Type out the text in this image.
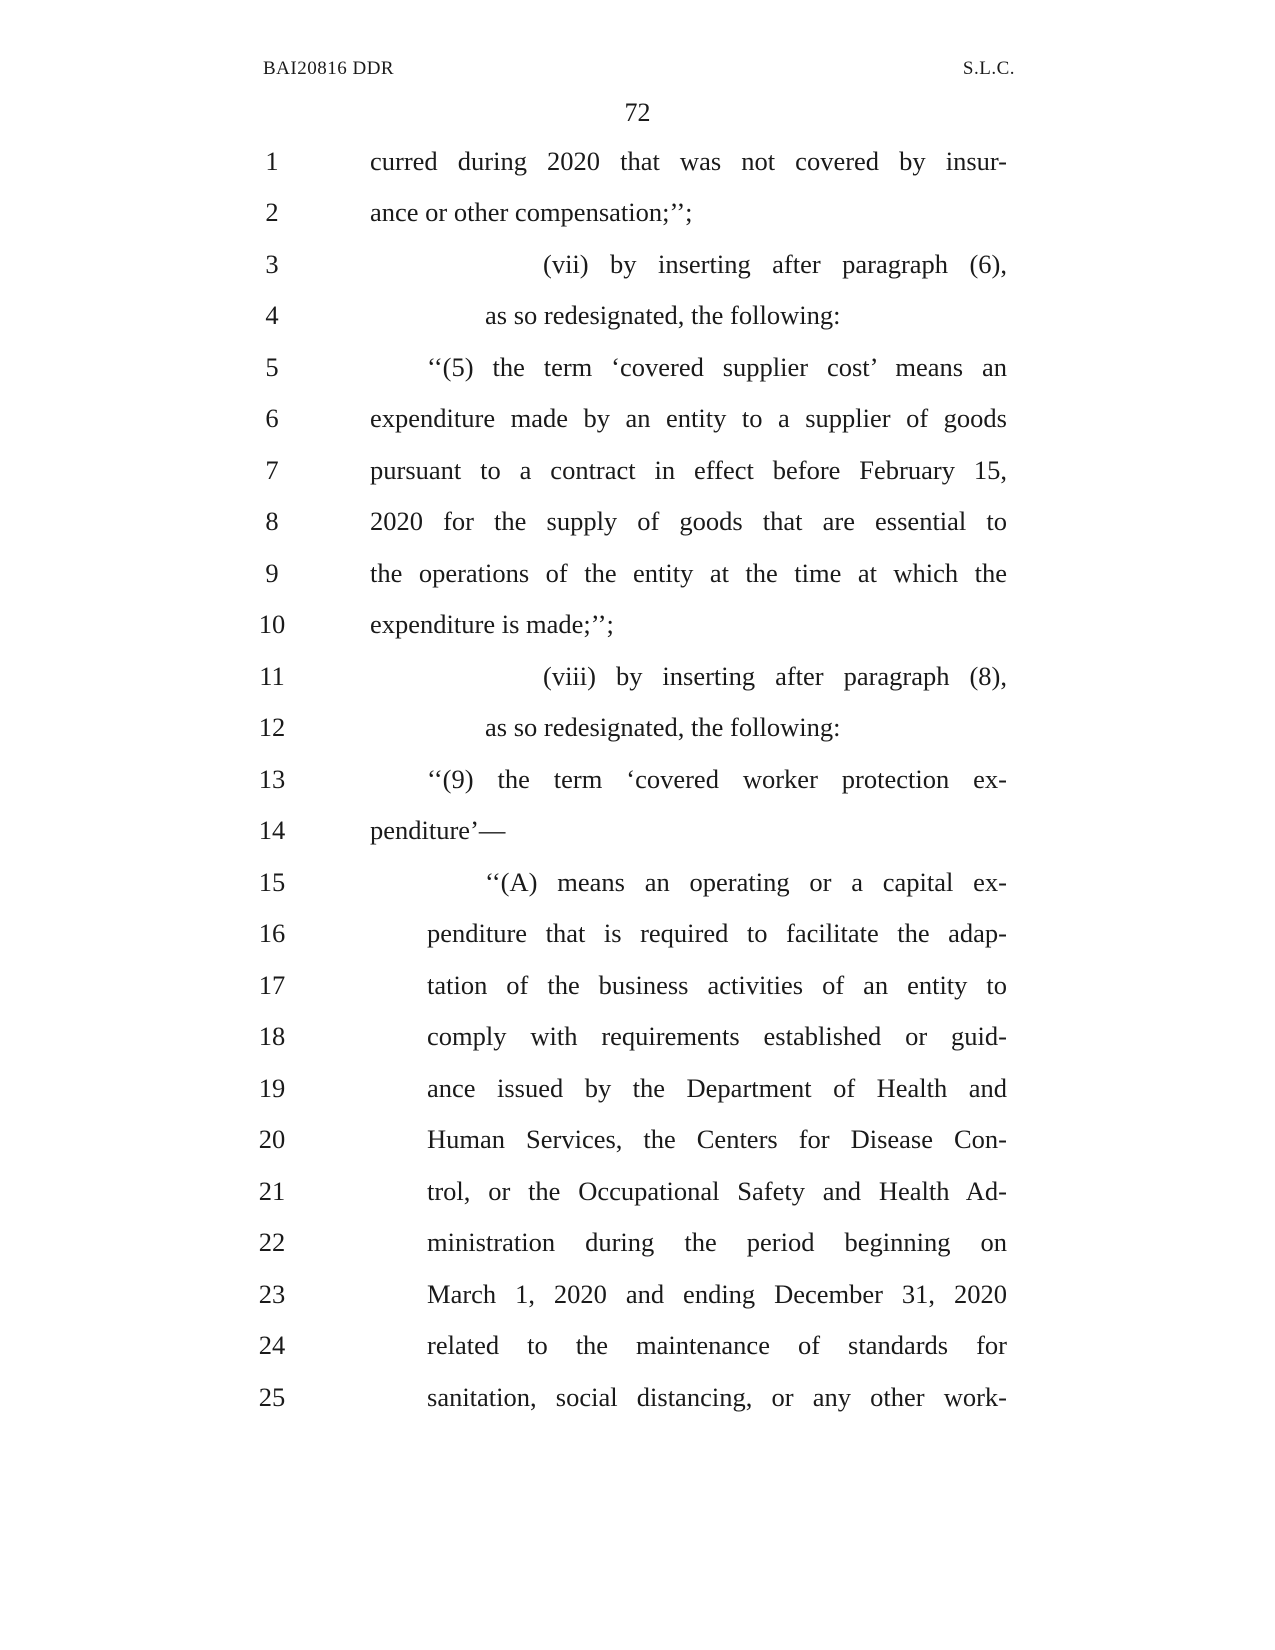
BAI20816 DDR	S.L.C.
72
1	curred during 2020 that was not covered by insur-
2	ance or other compensation;’’;
3	(vii) by inserting after paragraph (6),
4	as so redesignated, the following:
5	‘‘(5) the term ‘covered supplier cost’ means an
6	expenditure made by an entity to a supplier of goods
7	pursuant to a contract in effect before February 15,
8	2020 for the supply of goods that are essential to
9	the operations of the entity at the time at which the
10	expenditure is made;’’;
11	(viii) by inserting after paragraph (8),
12	as so redesignated, the following:
13	‘‘(9) the term ‘covered worker protection ex-
14	penditure’—
15	‘‘(A) means an operating or a capital ex-
16	penditure that is required to facilitate the adap-
17	tation of the business activities of an entity to
18	comply with requirements established or guid-
19	ance issued by the Department of Health and
20	Human Services, the Centers for Disease Con-
21	trol, or the Occupational Safety and Health Ad-
22	ministration during the period beginning on
23	March 1, 2020 and ending December 31, 2020
24	related to the maintenance of standards for
25	sanitation, social distancing, or any other work-
